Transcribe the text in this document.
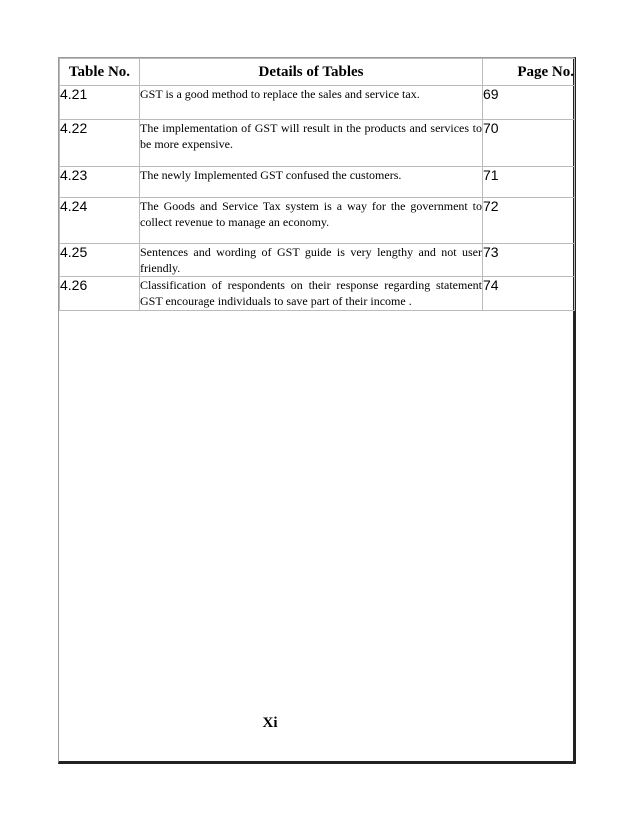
Table No.	Details of Tables	Page No.
4.21	GST is a good method to replace the sales and service tax.	69
4.22	The implementation of GST will result in the products and services to be more expensive.	70
4.23	The newly Implemented GST confused the customers.	71
4.24	The Goods and Service Tax system is a way for the government to collect revenue to manage an economy.	72
4.25	Sentences and wording of GST guide is very lengthy and not user friendly.	73
4.26	Classification of respondents on their response regarding statement GST encourage individuals to save part of their income .	74
Xi
